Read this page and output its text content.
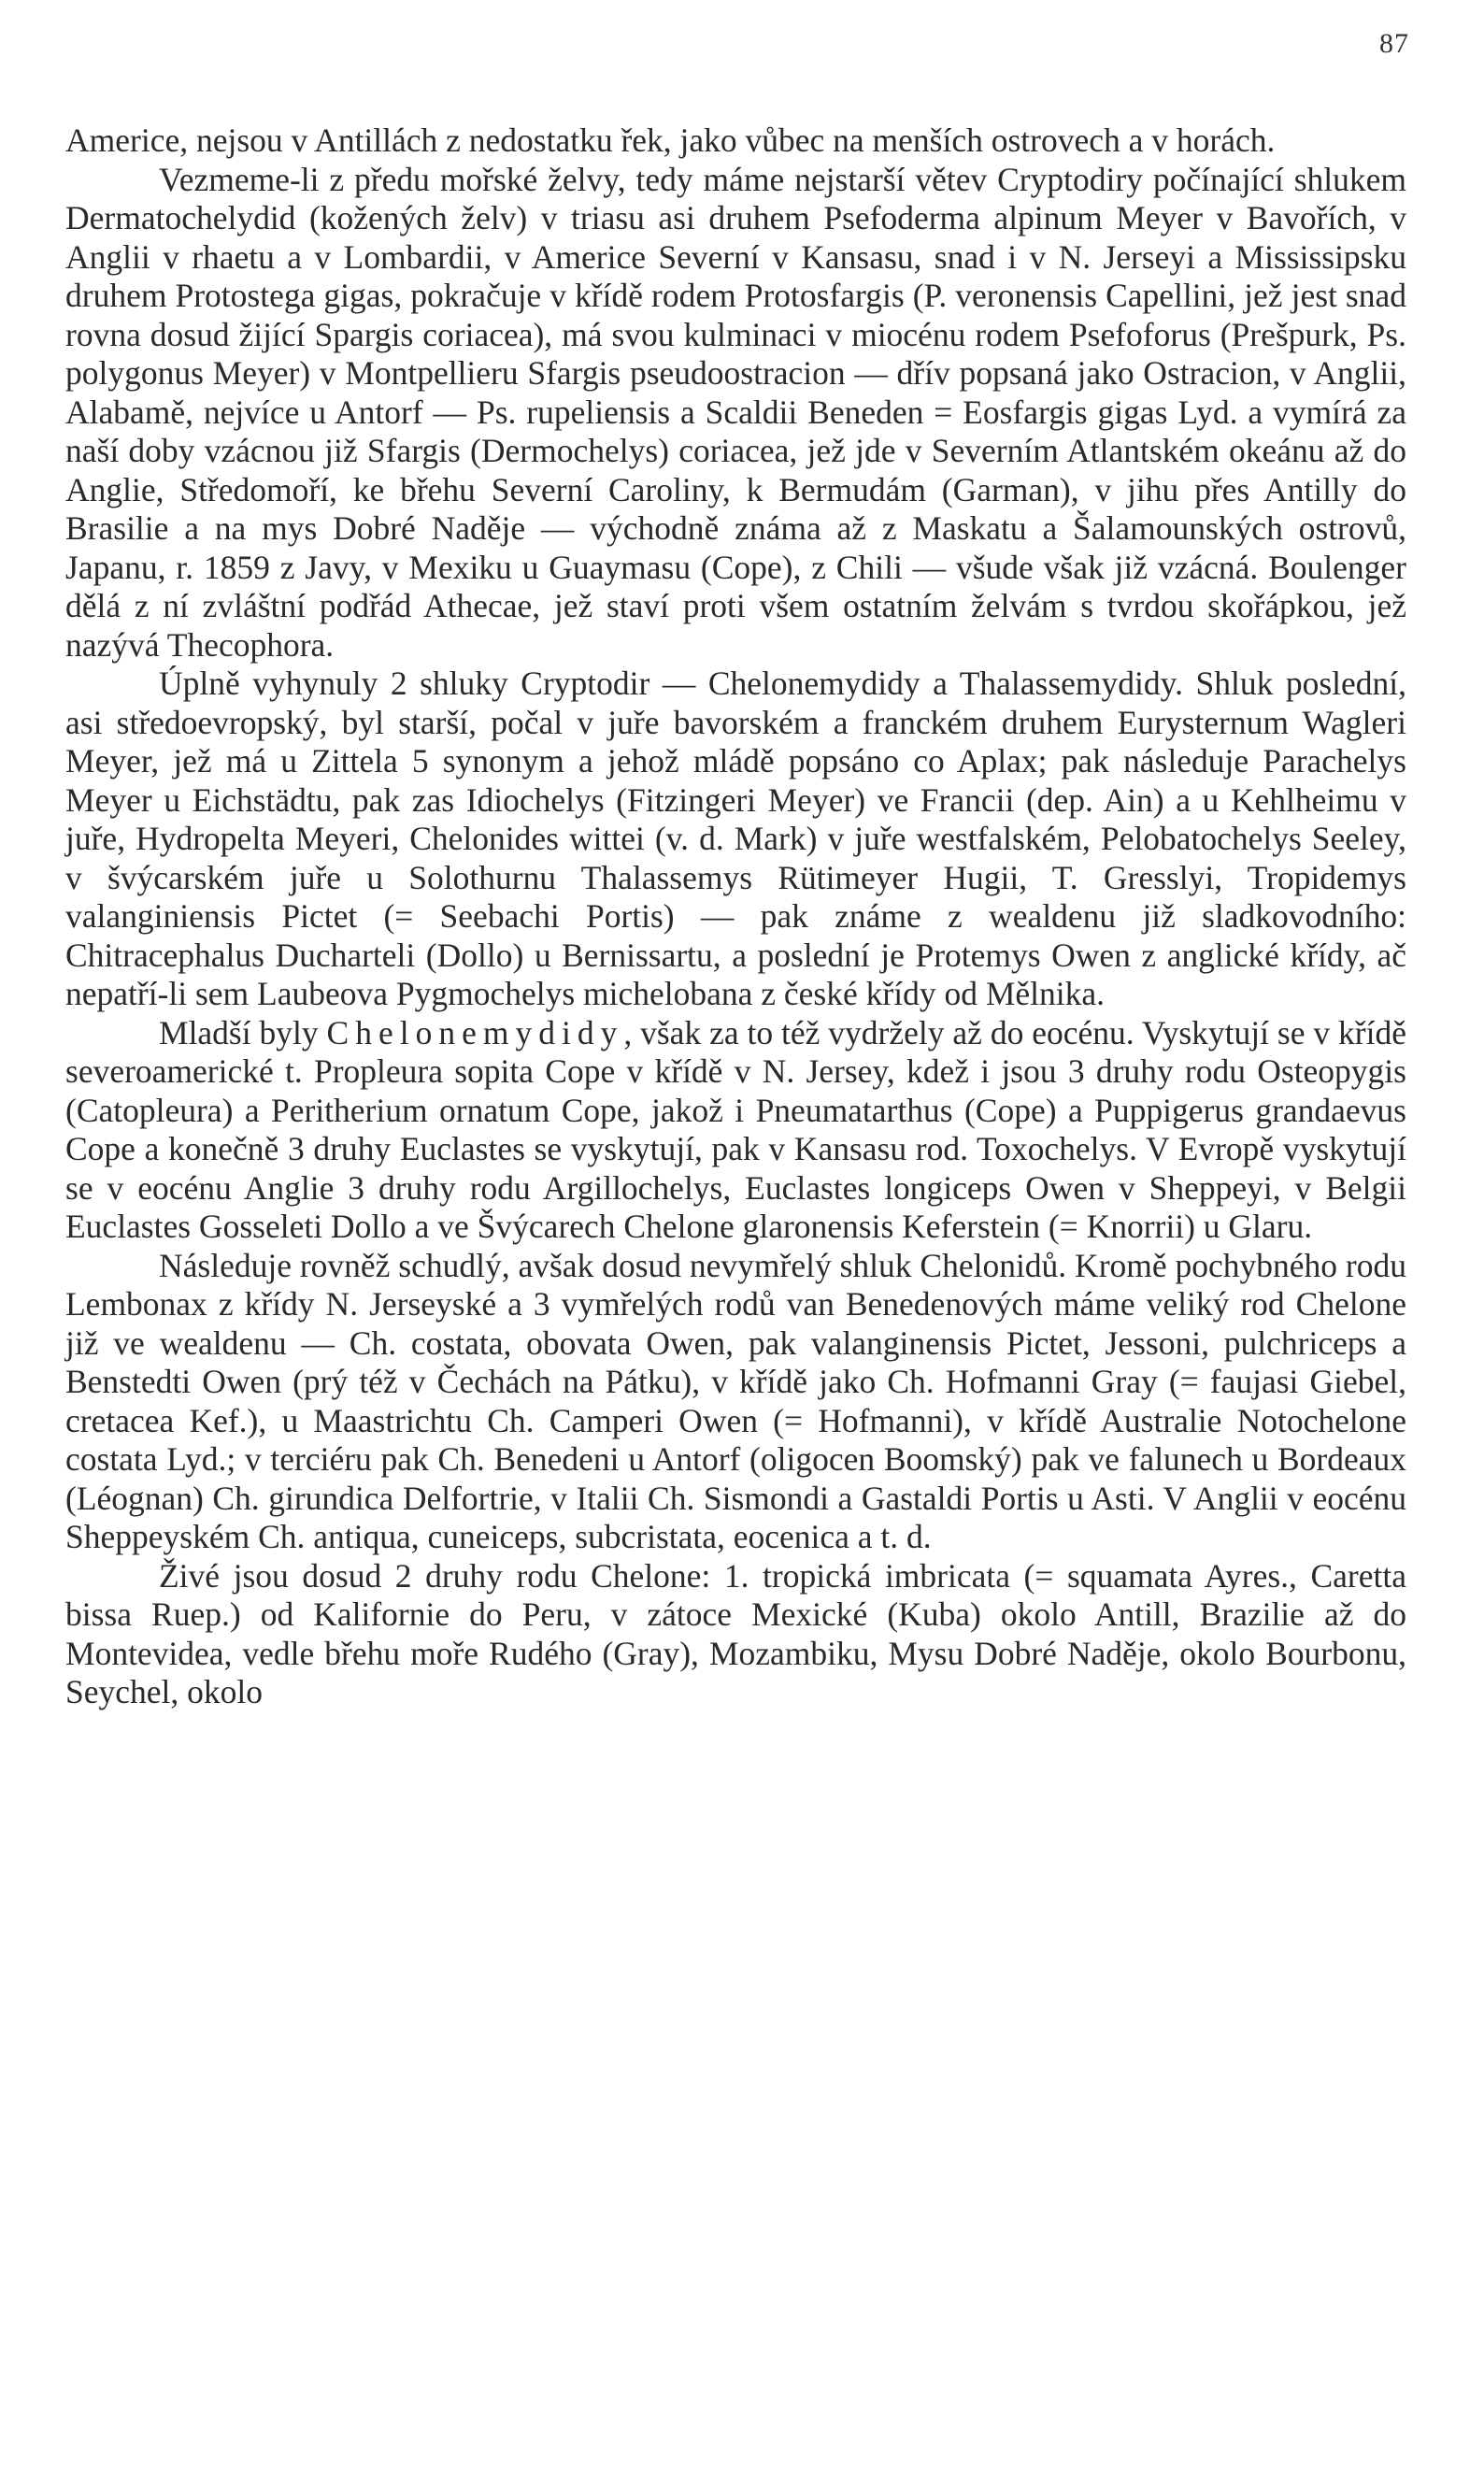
87

Americe, nejsou v Antillách z nedostatku řek, jako vůbec na menších ostrovech a v horách.

Vezmeme-li z předu mořské želvy, tedy máme nejstarší větev Cryptodiry počínající shlukem Dermatochelydid (kožených želv) v triasu asi druhem Psefoderma alpinum Meyer v Bavořích, v Anglii v rhaetu a v Lombardii, v Americe Severní v Kansasu, snad i v N. Jerseyi a Mississipsku druhem Protostega gigas, pokračuje v křídě rodem Protosfargis (P. veronensis Capellini, jež jest snad rovna dosud žijící Spargis coriacea), má svou kulminaci v miocénu rodem Psefoforus (Prešpurk, Ps. polygonus Meyer) v Montpellieru Sfargis pseudoostracion — dřív popsaná jako Ostracion, v Anglii, Alabamě, nejvíce u Antorf — Ps. rupeliensis a Scaldii Beneden = Eosfargis gigas Lyd. a vymírá za naší doby vzácnou již Sfargis (Dermochelys) coriacea, jež jde v Severním Atlantském okeánu až do Anglie, Středomoří, ke břehu Severní Caroliny, k Bermudám (Garman), v jihu přes Antilly do Brasilie a na mys Dobré Naděje — východně známa až z Maskatu a Šalamounských ostrovů, Japanu, r. 1859 z Javy, v Mexiku u Guaymasu (Cope), z Chili — všude však již vzácná. Boulenger dělá z ní zvláštní podřád Athecae, jež staví proti všem ostatním želvám s tvrdou skořápkou, jež nazývá Thecophora.

Úplně vyhynuly 2 shluky Cryptodir — Chelonemydidy a Thalassemydidy. Shluk poslední, asi středoevropský, byl starší, počal v juře bavorském a franckém druhem Eurysternum Wagleri Meyer, jež má u Zittela 5 synonym a jehož mládě popsáno co Aplax; pak následuje Parachelys Meyer u Eichstädtu, pak zas Idiochelys (Fitzingeri Meyer) ve Francii (dep. Ain) a u Kehlheimu v juře, Hydropelta Meyeri, Chelonides wittei (v. d. Mark) v juře westfalském, Pelobatochelys Seeley, v švýcarském juře u Solothurnu Thalassemys Rütimeyer Hugii, T. Gresslyi, Tropidemys valanginiensis Pictet (= Seebachi Portis) — pak známe z wealdenu již sladkovodního: Chitracephalus Ducharteli (Dollo) u Bernissartu, a poslední je Protemys Owen z anglické křídy, ač nepatří-li sem Laubeova Pygmochelys michelobana z české křídy od Mělnika.

Mladší byly Chelonemydidy, však za to též vydržely až do eocénu. Vyskytují se v křídě severoamerické t. Propleura sopita Cope v křídě v N. Jersey, kdež i jsou 3 druhy rodu Osteopygis (Catopleura) a Peritherium ornatum Cope, jakož i Pneumatarthus (Cope) a Puppigerus grandaevus Cope a konečně 3 druhy Euclastes se vyskytují, pak v Kansasu rod. Toxochelys. V Evropě vyskytují se v eocénu Anglie 3 druhy rodu Argillochelys, Euclastes longiceps Owen v Sheppeyi, v Belgii Euclastes Gosseleti Dollo a ve Švýcarech Chelone glaronensis Keferstein (= Knorrii) u Glaru.

Následuje rovněž schudlý, avšak dosud nevymřelý shluk Chelonidů. Kromě pochybného rodu Lembonax z křídy N. Jerseyské a 3 vymřelých rodů van Benedenových máme veliký rod Chelone již ve wealdenu — Ch. costata, obovata Owen, pak valanginensis Pictet, Jessoni, pulchriceps a Benstedti Owen (prý též v Čechách na Pátku), v křídě jako Ch. Hofmanni Gray (= faujasi Giebel, cretacea Kef.), u Maastrichtu Ch. Camperi Owen (= Hofmanni), v křídě Australie Notochelone costata Lyd.; v terciéru pak Ch. Benedeni u Antorf (oligocen Boomský) pak ve falunech u Bordeaux (Léognan) Ch. girundica Delfortrie, v Italii Ch. Sismondi a Gastaldi Portis u Asti. V Anglii v eocénu Sheppeyském Ch. antiqua, cuneiceps, subcristata, eocenica a t. d.

Živé jsou dosud 2 druhy rodu Chelone: 1. tropická imbricata (= squamata Ayres., Caretta bissa Ruep.) od Kalifornie do Peru, v zátoce Mexické (Kuba) okolo Antill, Brazilie až do Montevidea, vedle břehu moře Rudého (Gray), Mozambiku, Mysu Dobré Naděje, okolo Bourbonu, Seychel, okolo
